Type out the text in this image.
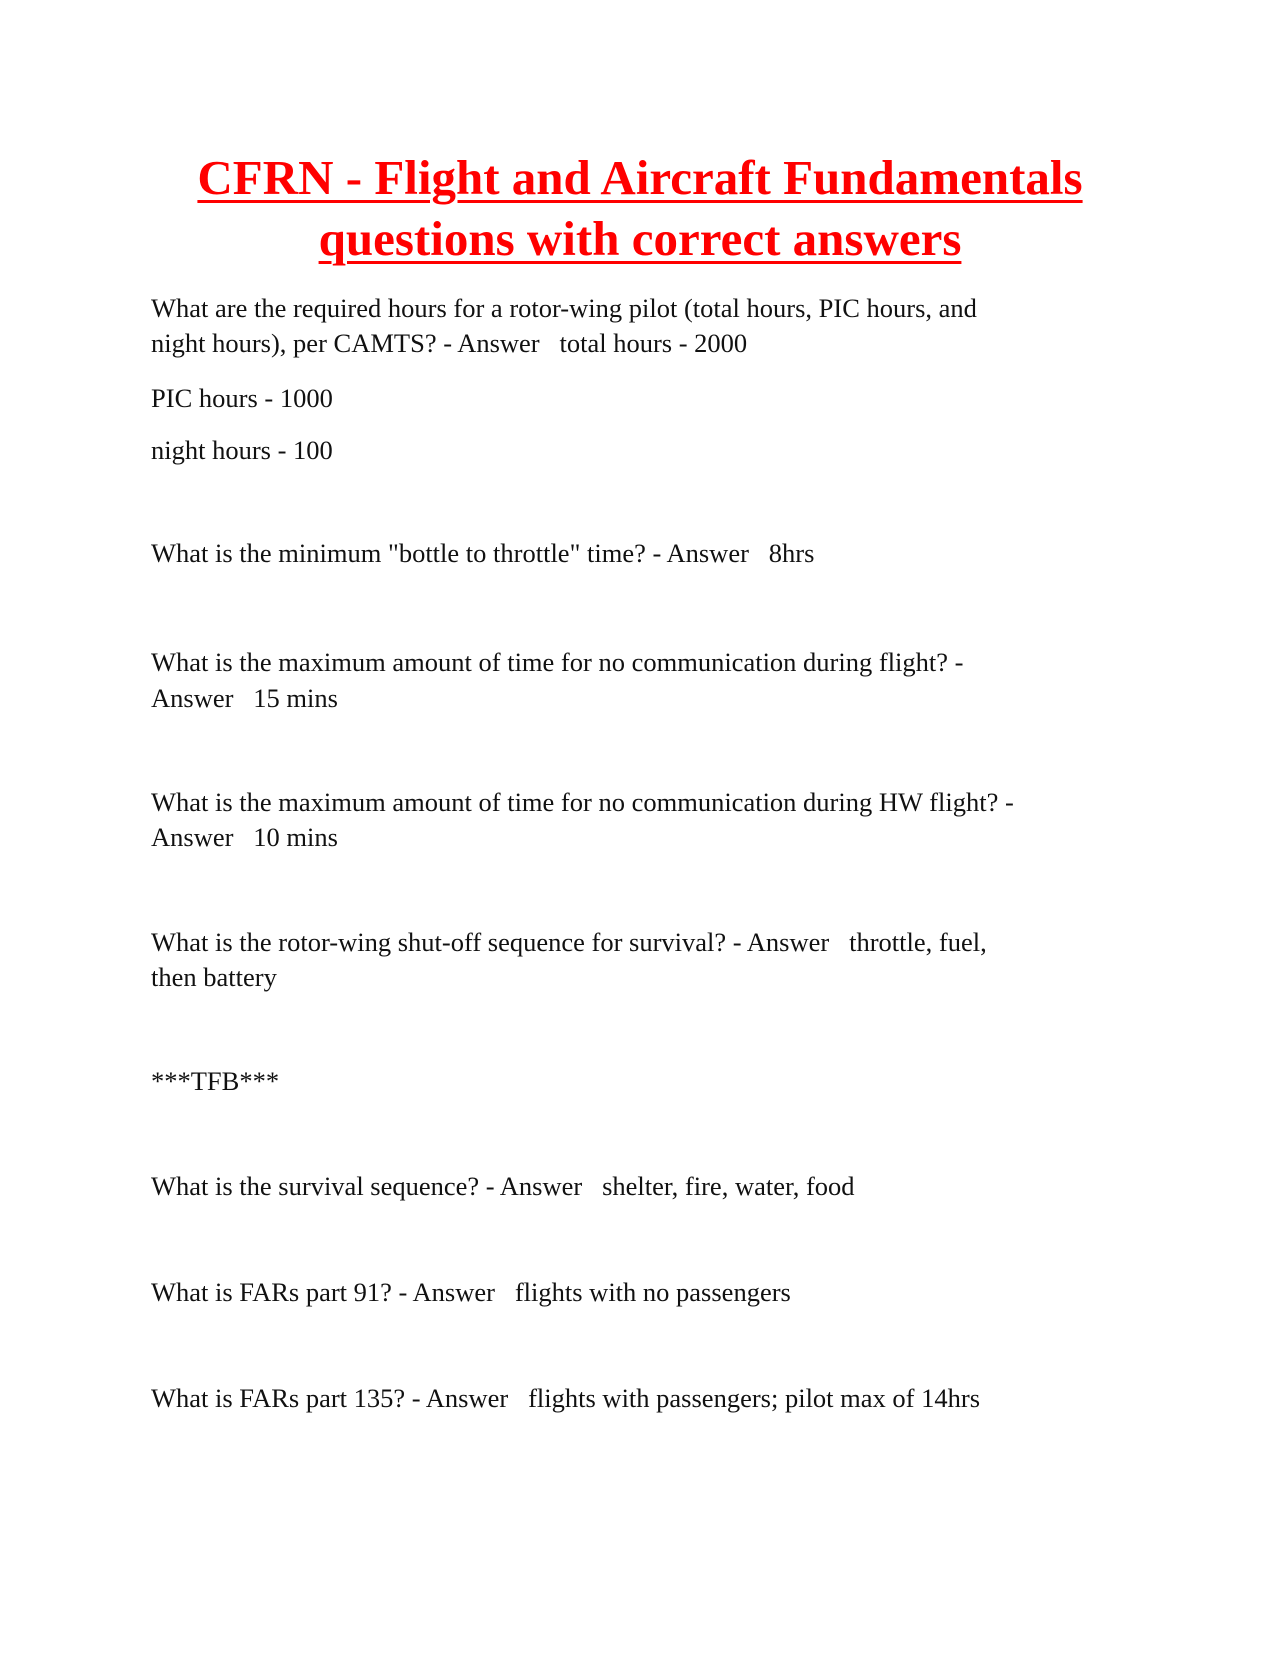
CFRN - Flight and Aircraft Fundamentals
questions with correct answers

What are the required hours for a rotor-wing pilot (total hours, PIC hours, and

night hours), per CAMTS? - Answer   total hours - 2000

PIC hours - 1000

night hours - 100

What is the minimum "bottle to throttle" time? - Answer   8hrs

What is the maximum amount of time for no communication during flight? -

Answer   15 mins

What is the maximum amount of time for no communication during HW flight? -

Answer   10 mins

What is the rotor-wing shut-off sequence for survival? - Answer   throttle, fuel,

then battery

***TFB***

What is the survival sequence? - Answer   shelter, fire, water, food

What is FARs part 91? - Answer   flights with no passengers

What is FARs part 135? - Answer   flights with passengers; pilot max of 14hrs
